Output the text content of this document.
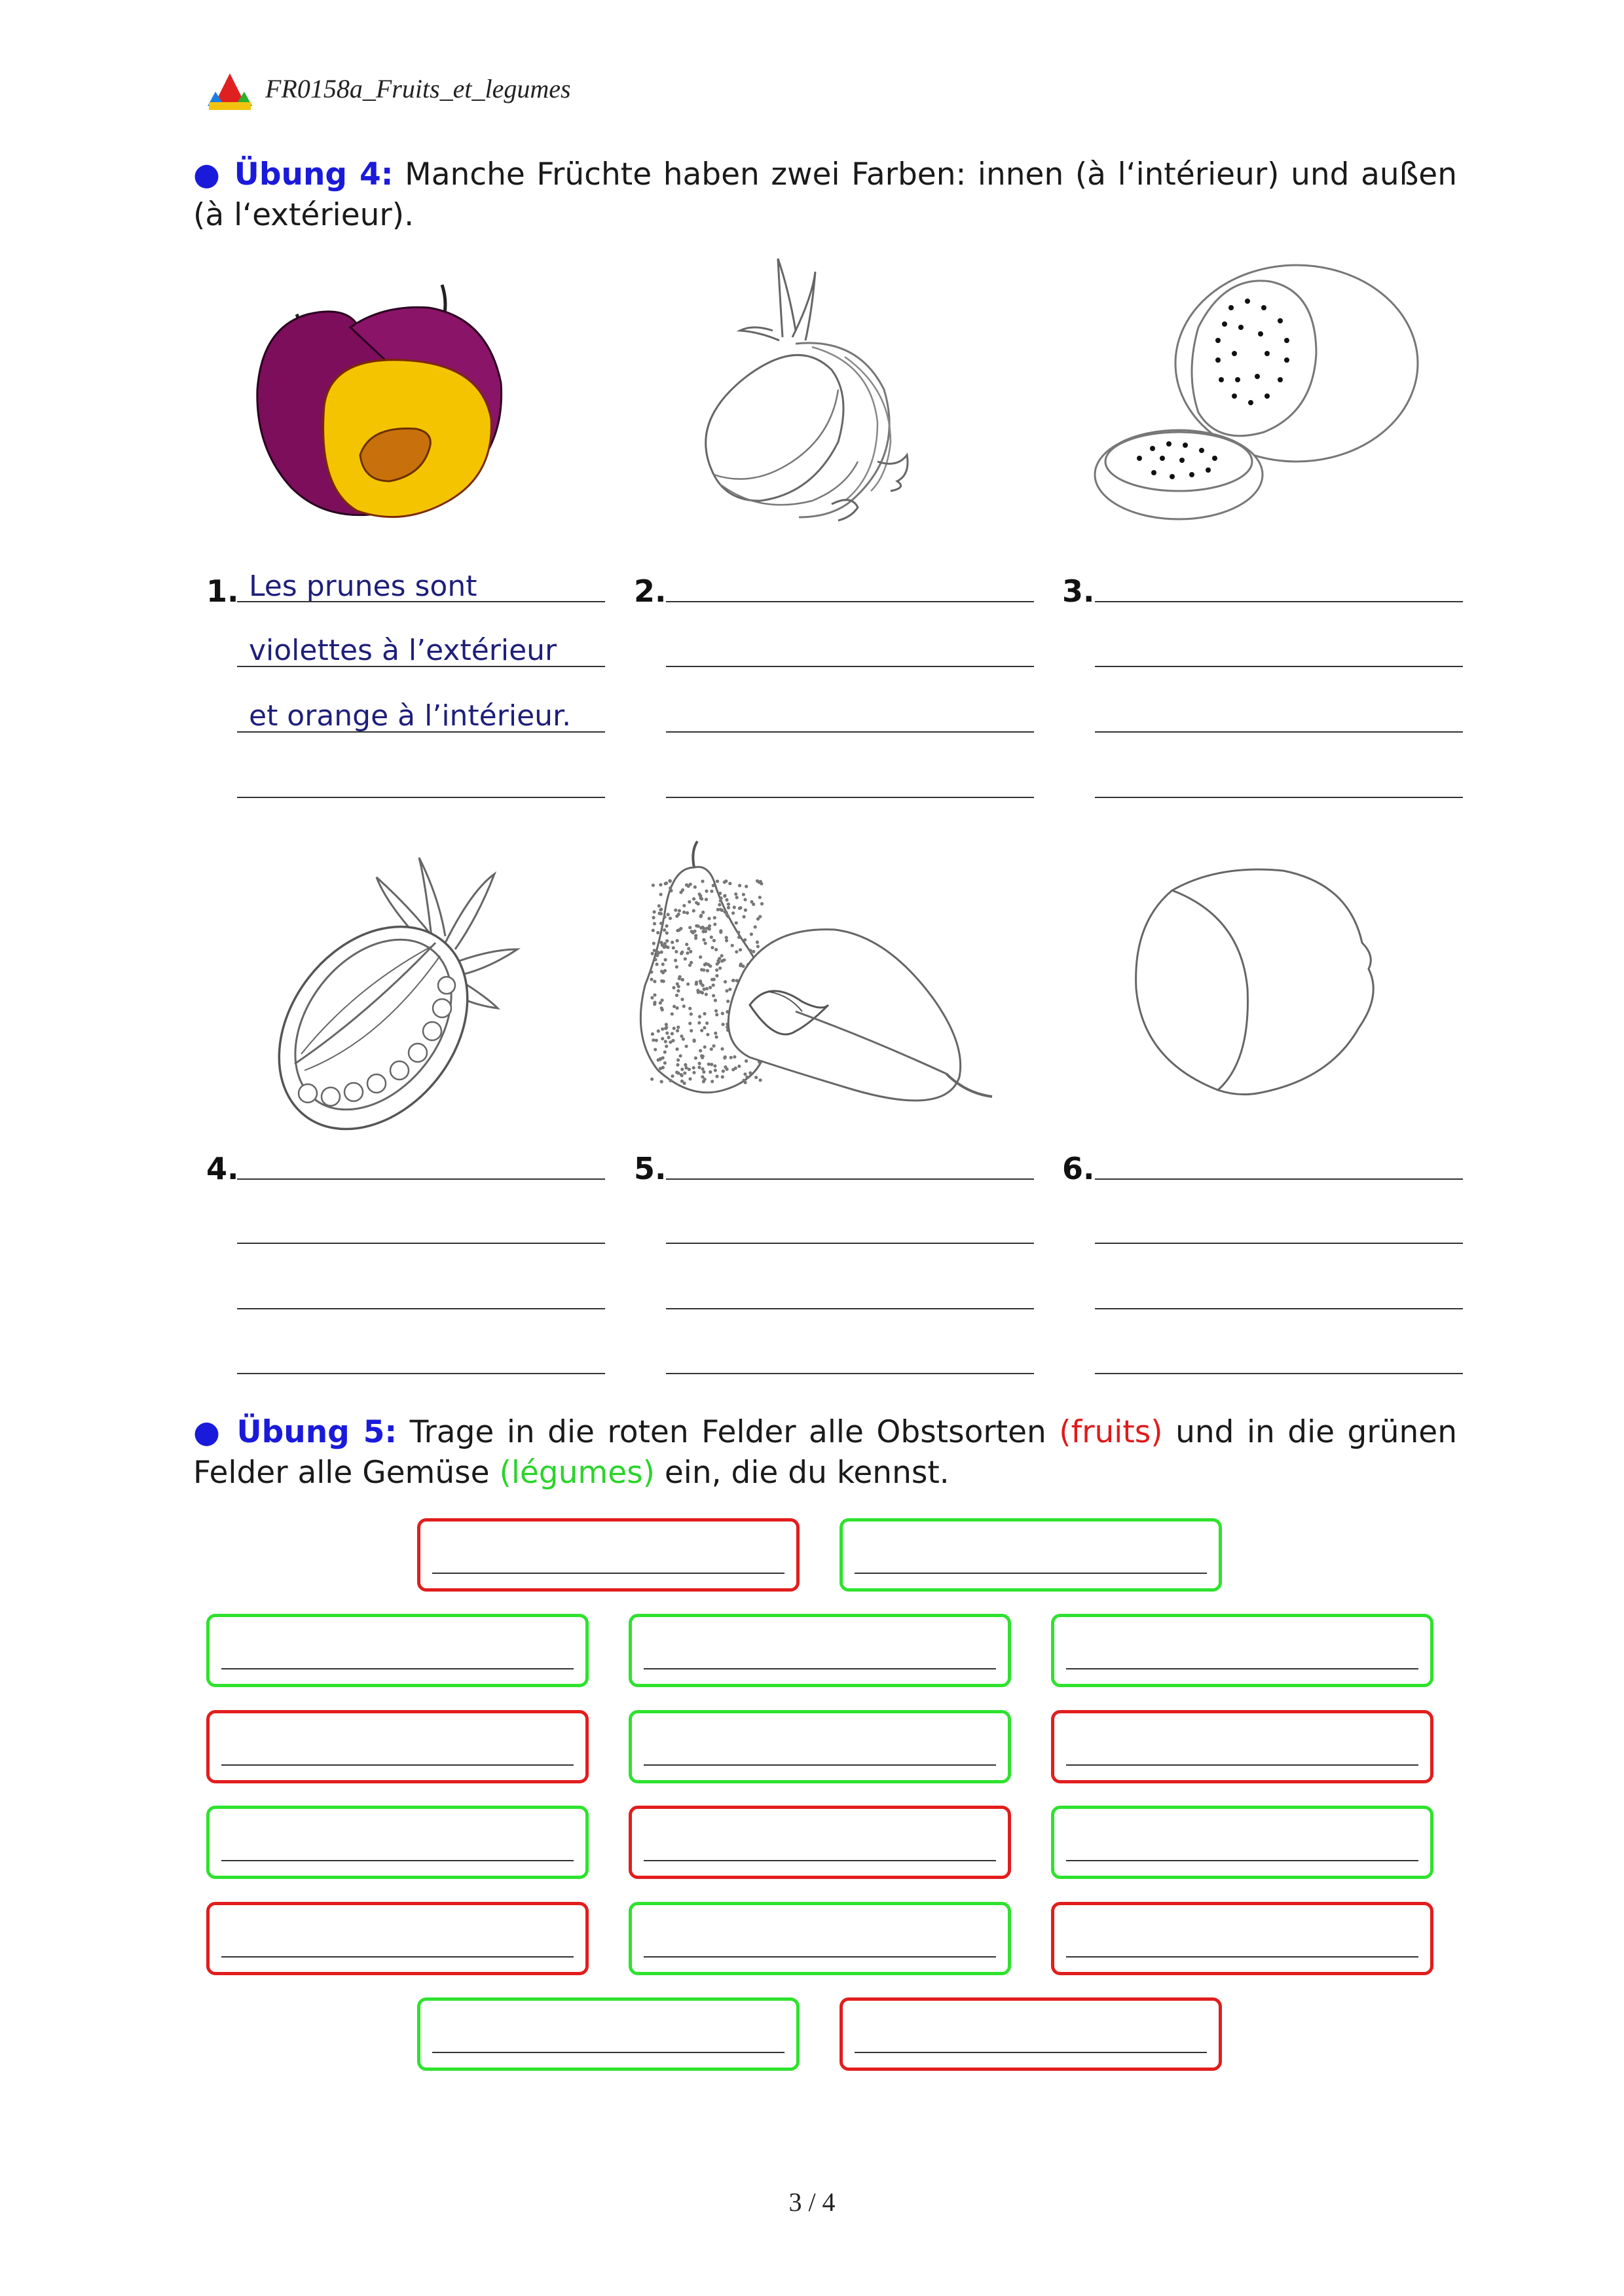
FR0158a_Fruits_et_legumes
● Übung 4: Manche Früchte haben zwei Farben: innen (à l‘intérieur) und außen (à l‘extérieur).
1.	2.	3.
Les prunes sont
violettes à l’extérieur
et orange à l’intérieur.
4.	5.	6.
● Übung 5: Trage in die roten Felder alle Obstsorten (fruits) und in die grünen Felder alle Gemüse (légumes) ein, die du kennst.
3 / 4
